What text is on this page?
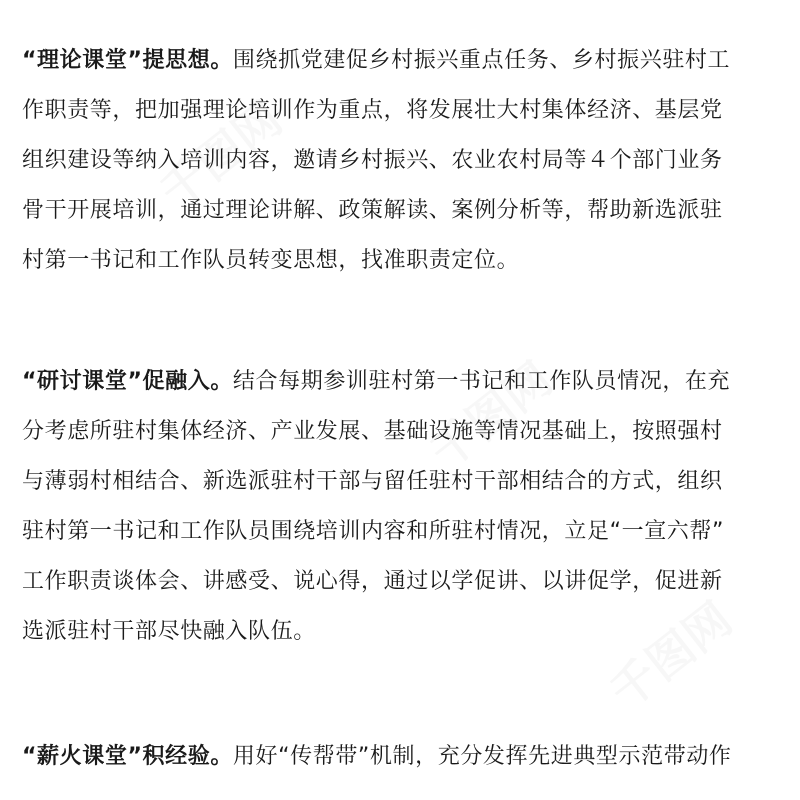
千图网
千图网
千图网

“理论课堂”提思想。围绕抓党建促乡村振兴重点任务、乡村振兴驻村工
作职责等，把加强理论培训作为重点，将发展壮大村集体经济、基层党
组织建设等纳入培训内容，邀请乡村振兴、农业农村局等４个部门业务
骨干开展培训，通过理论讲解、政策解读、案例分析等，帮助新选派驻
村第一书记和工作队员转变思想，找准职责定位。

“研讨课堂”促融入。结合每期参训驻村第一书记和工作队员情况，在充
分考虑所驻村集体经济、产业发展、基础设施等情况基础上，按照强村
与薄弱村相结合、新选派驻村干部与留任驻村干部相结合的方式，组织
驻村第一书记和工作队员围绕培训内容和所驻村情况，立足“一宣六帮”
工作职责谈体会、讲感受、说心得，通过以学促讲、以讲促学，促进新
选派驻村干部尽快融入队伍。

“薪火课堂”积经验。用好“传帮带”机制，充分发挥先进典型示范带动作
